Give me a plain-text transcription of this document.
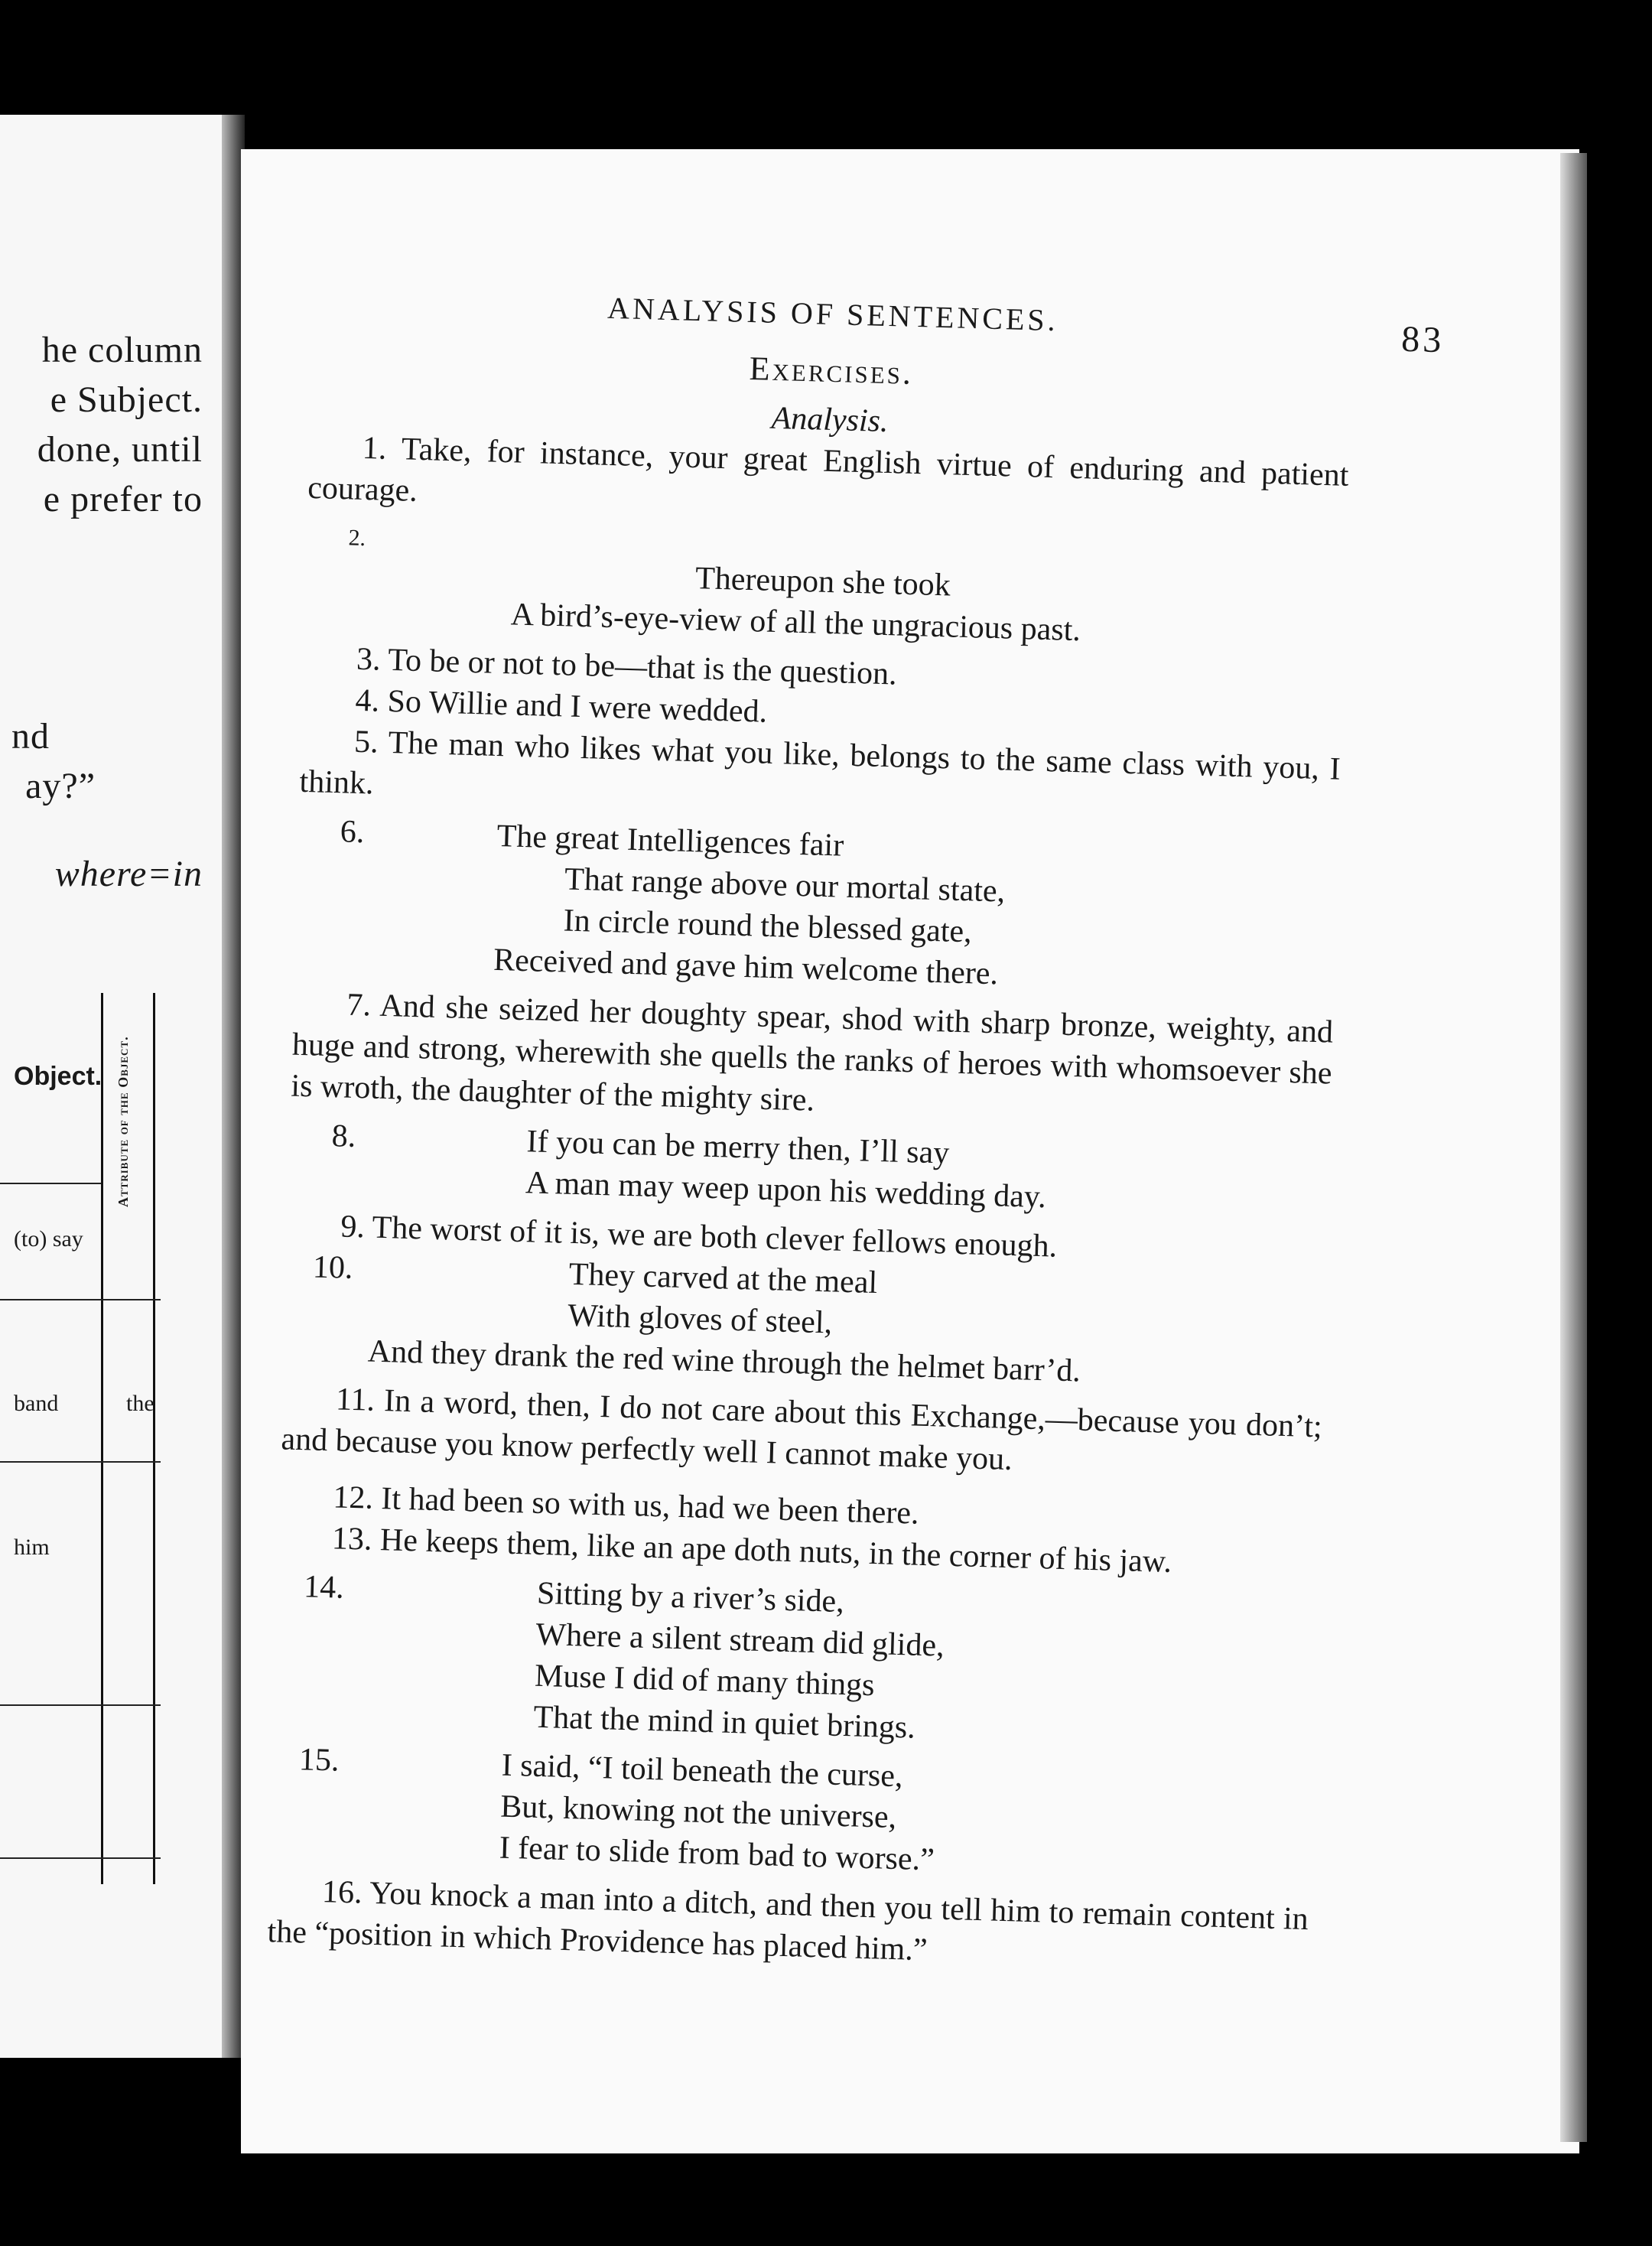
he column
e Subject.
done, until
e prefer to
nd
ay?”
where=in
Object. Attribute of the Object.
(to) say
band	the
him
ANALYSIS OF SENTENCES.
83
Exercises.
Analysis.

1. Take, for instance, your great English virtue of enduring and patient courage.

2.
Thereupon she took
A bird’s-eye-view of all the ungracious past.

3. To be or not to be—that is the question.

4. So Willie and I were wedded.

5. The man who likes what you like, belongs to the same class with you, I think.

6.	The great Intelligences fair
That range above our mortal state,
In circle round the blessed gate,
Received and gave him welcome there.

7. And she seized her doughty spear, shod with sharp bronze, weighty, and huge and strong, wherewith she quells the ranks of heroes with whomsoever she is wroth, the daughter of the mighty sire.

8.	If you can be merry then, I’ll say
A man may weep upon his wedding day.

9. The worst of it is, we are both clever fellows enough.

10.	They carved at the meal
With gloves of steel,
And they drank the red wine through the helmet barr’d.

11. In a word, then, I do not care about this Exchange,—because you don’t; and because you know perfectly well I cannot make you.

12. It had been so with us, had we been there.

13. He keeps them, like an ape doth nuts, in the corner of his jaw.

14.	Sitting by a river’s side,
Where a silent stream did glide,
Muse I did of many things
That the mind in quiet brings.
15.	I said, “I toil beneath the curse,
But, knowing not the universe,
I fear to slide from bad to worse.”

16. You knock a man into a ditch, and then you tell him to remain content in the “position in which Providence has placed him.”
